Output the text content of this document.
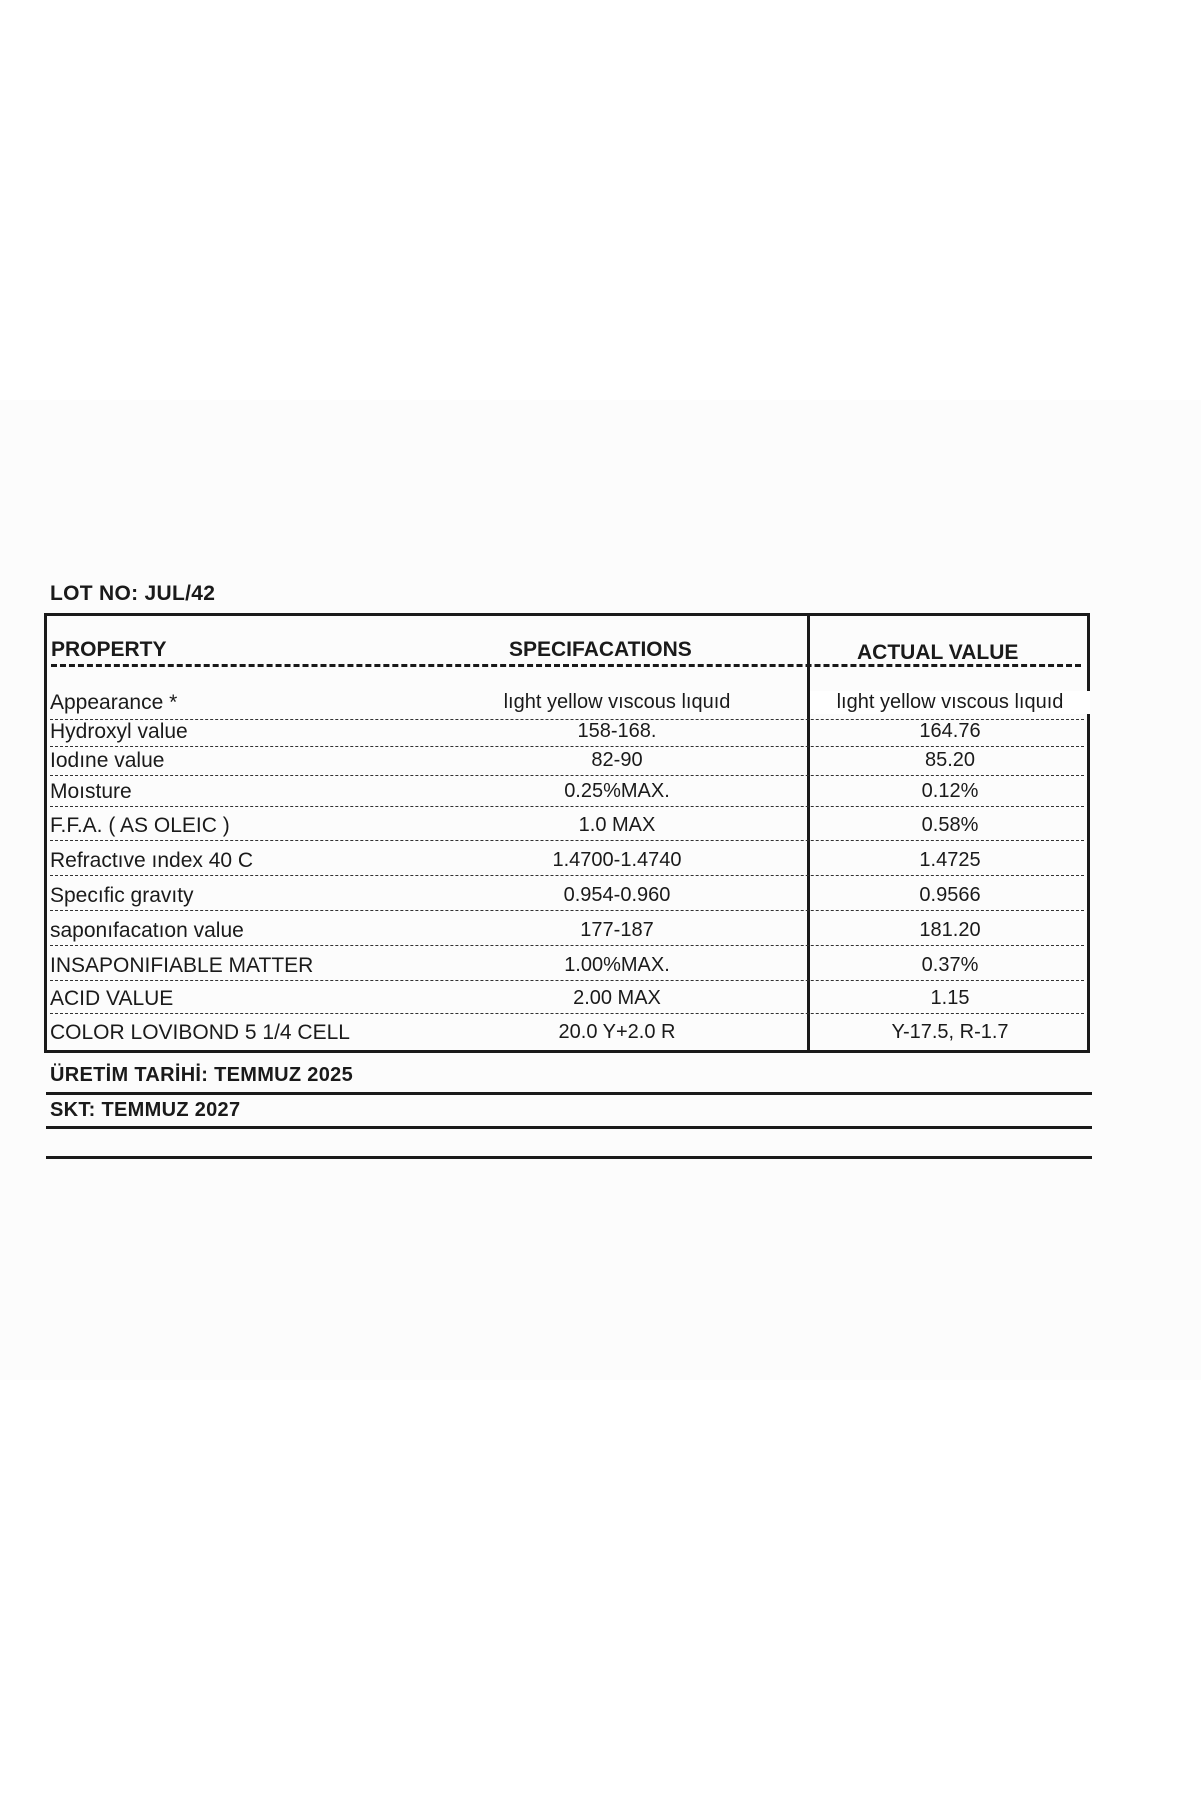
LOT NO: JUL/42
PROPERTY	SPECIFACATIONS	ACTUAL VALUE
Appearance *	lıght yellow vıscous lıquıd	lıght yellow vıscous lıquıd
Hydroxyl value	158-168.	164.76
Iodıne value	82-90	85.20
Moısture	0.25%MAX.	0.12%
F.F.A. ( AS OLEIC )	1.0 MAX	0.58%
Refractıve ındex 40 C	1.4700-1.4740	1.4725
Specıfic gravıty	0.954-0.960	0.9566
saponıfacatıon value	177-187	181.20
INSAPONIFIABLE MATTER	1.00%MAX.	0.37%
ACID VALUE	2.00 MAX	1.15
COLOR LOVIBOND 5 1/4 CELL	20.0 Y+2.0 R	Y-17.5, R-1.7
ÜRETİM TARİHİ: TEMMUZ 2025
SKT: TEMMUZ 2027
